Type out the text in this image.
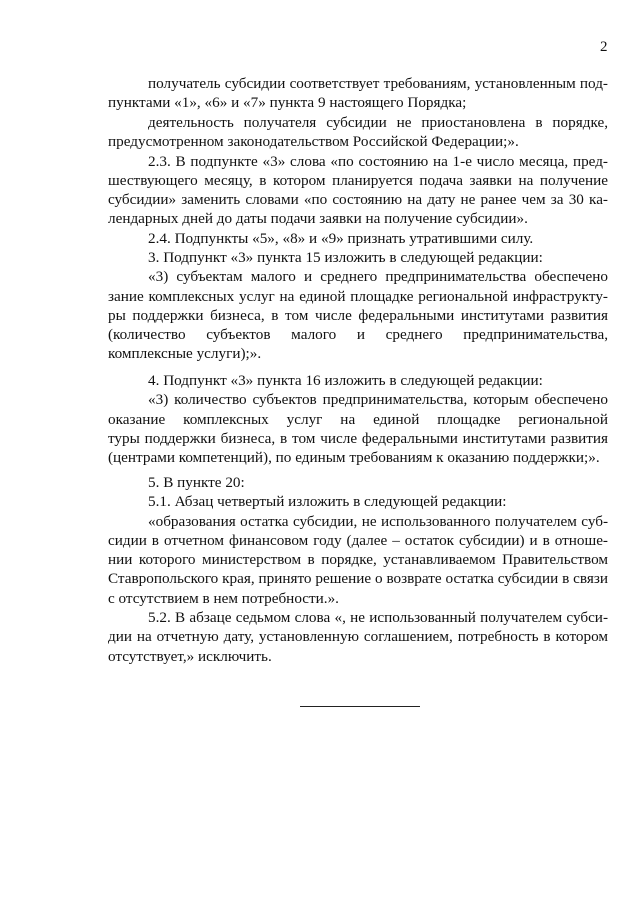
2
получатель субсидии соответствует требованиям, установленным под-
пунктами «1», «6» и «7» пункта 9 настоящего Порядка;
деятельность получателя субсидии не приостановлена в порядке,
предусмотренном законодательством Российской Федерации;».
2.3. В подпункте «3» слова «по состоянию на 1-е число месяца, пред-
шествующего месяцу, в котором планируется подача заявки на получение
субсидии» заменить словами «по состоянию на дату не ранее чем за 30 ка-
лендарных дней до даты подачи заявки на получение субсидии».
2.4. Подпункты «5», «8» и «9» признать утратившими силу.
3. Подпункт «3» пункта 15 изложить в следующей редакции:
«3) субъектам малого и среднего предпринимательства обеспечено
зание комплексных услуг на единой площадке региональной инфраструкту-
ры поддержки бизнеса, в том числе федеральными институтами развития
(количество субъектов малого и среднего предпринимательства,
комплексные услуги);».
4. Подпункт «3» пункта 16 изложить в следующей редакции:
«3) количество субъектов предпринимательства, которым обеспечено
оказание комплексных услуг на единой площадке региональной
туры поддержки бизнеса, в том числе федеральными институтами развития
(центрами компетенций), по единым требованиям к оказанию поддержки;».
5. В пункте 20:
5.1. Абзац четвертый изложить в следующей редакции:
«образования остатка субсидии, не использованного получателем суб-
сидии в отчетном финансовом году (далее – остаток субсидии) и в отноше-
нии которого министерством в порядке, устанавливаемом Правительством
Ставропольского края, принято решение о возврате остатка субсидии в связи
с отсутствием в нем потребности.».
5.2. В абзаце седьмом слова «, не использованный получателем субси-
дии на отчетную дату, установленную соглашением, потребность в котором
отсутствует,» исключить.
